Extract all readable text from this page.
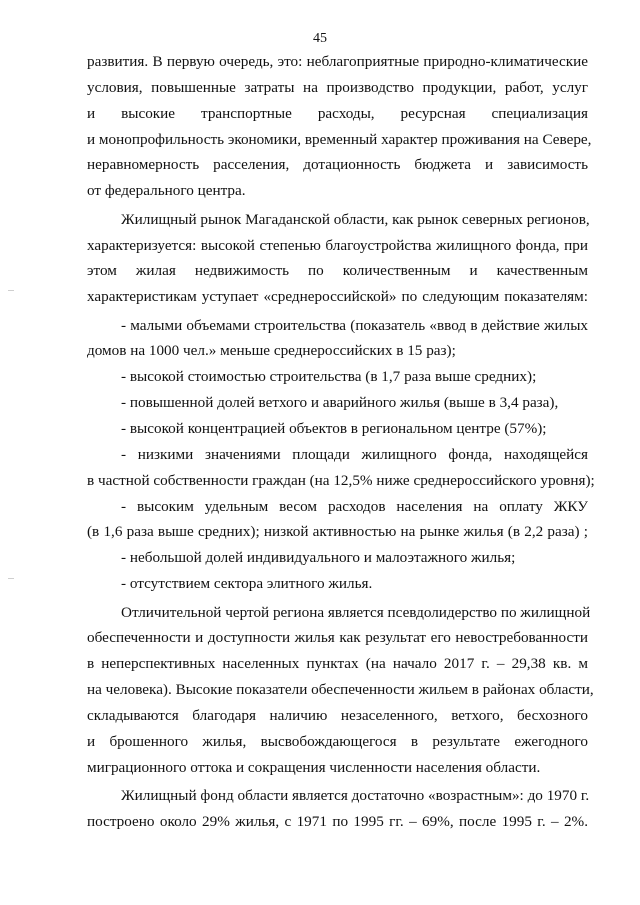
45
развития. В первую очередь, это: неблагоприятные природно-климатические
условия, повышенные затраты на производство продукции, работ, услуг
и высокие транспортные расходы, ресурсная специализация
и монопрофильность экономики, временный характер проживания на Севере,
неравномерность расселения, дотационность бюджета и зависимость
от федерального центра.
Жилищный рынок Магаданской области, как рынок северных регионов,
характеризуется: высокой степенью благоустройства жилищного фонда, при
этом жилая недвижимость по количественным и качественным
характеристикам уступает «среднероссийской» по следующим показателям:
- малыми объемами строительства (показатель «ввод в действие жилых
домов на 1000 чел.» меньше среднероссийских в 15 раз);
- высокой стоимостью строительства (в 1,7 раза выше средних);
- повышенной долей ветхого и аварийного жилья (выше в 3,4 раза),
- высокой концентрацией объектов в региональном центре (57%);
- низкими значениями площади жилищного фонда, находящейся
в частной собственности граждан (на 12,5% ниже среднероссийского уровня);
- высоким удельным весом расходов населения на оплату ЖКУ
(в 1,6 раза выше средних); низкой активностью на рынке жилья (в 2,2 раза) ;
- небольшой долей индивидуального и малоэтажного жилья;
- отсутствием сектора элитного жилья.
Отличительной чертой региона является псевдолидерство по жилищной
обеспеченности и доступности жилья как результат его невостребованности
в неперспективных населенных пунктах (на начало 2017 г. – 29,38 кв. м
на человека). Высокие показатели обеспеченности жильем в районах области,
складываются благодаря наличию незаселенного, ветхого, бесхозного
и брошенного жилья, высвобождающегося в результате ежегодного
миграционного оттока и сокращения численности населения области.
Жилищный фонд области является достаточно «возрастным»: до 1970 г.
построено около 29% жилья, с 1971 по 1995 гг. – 69%, после 1995 г. – 2%.
